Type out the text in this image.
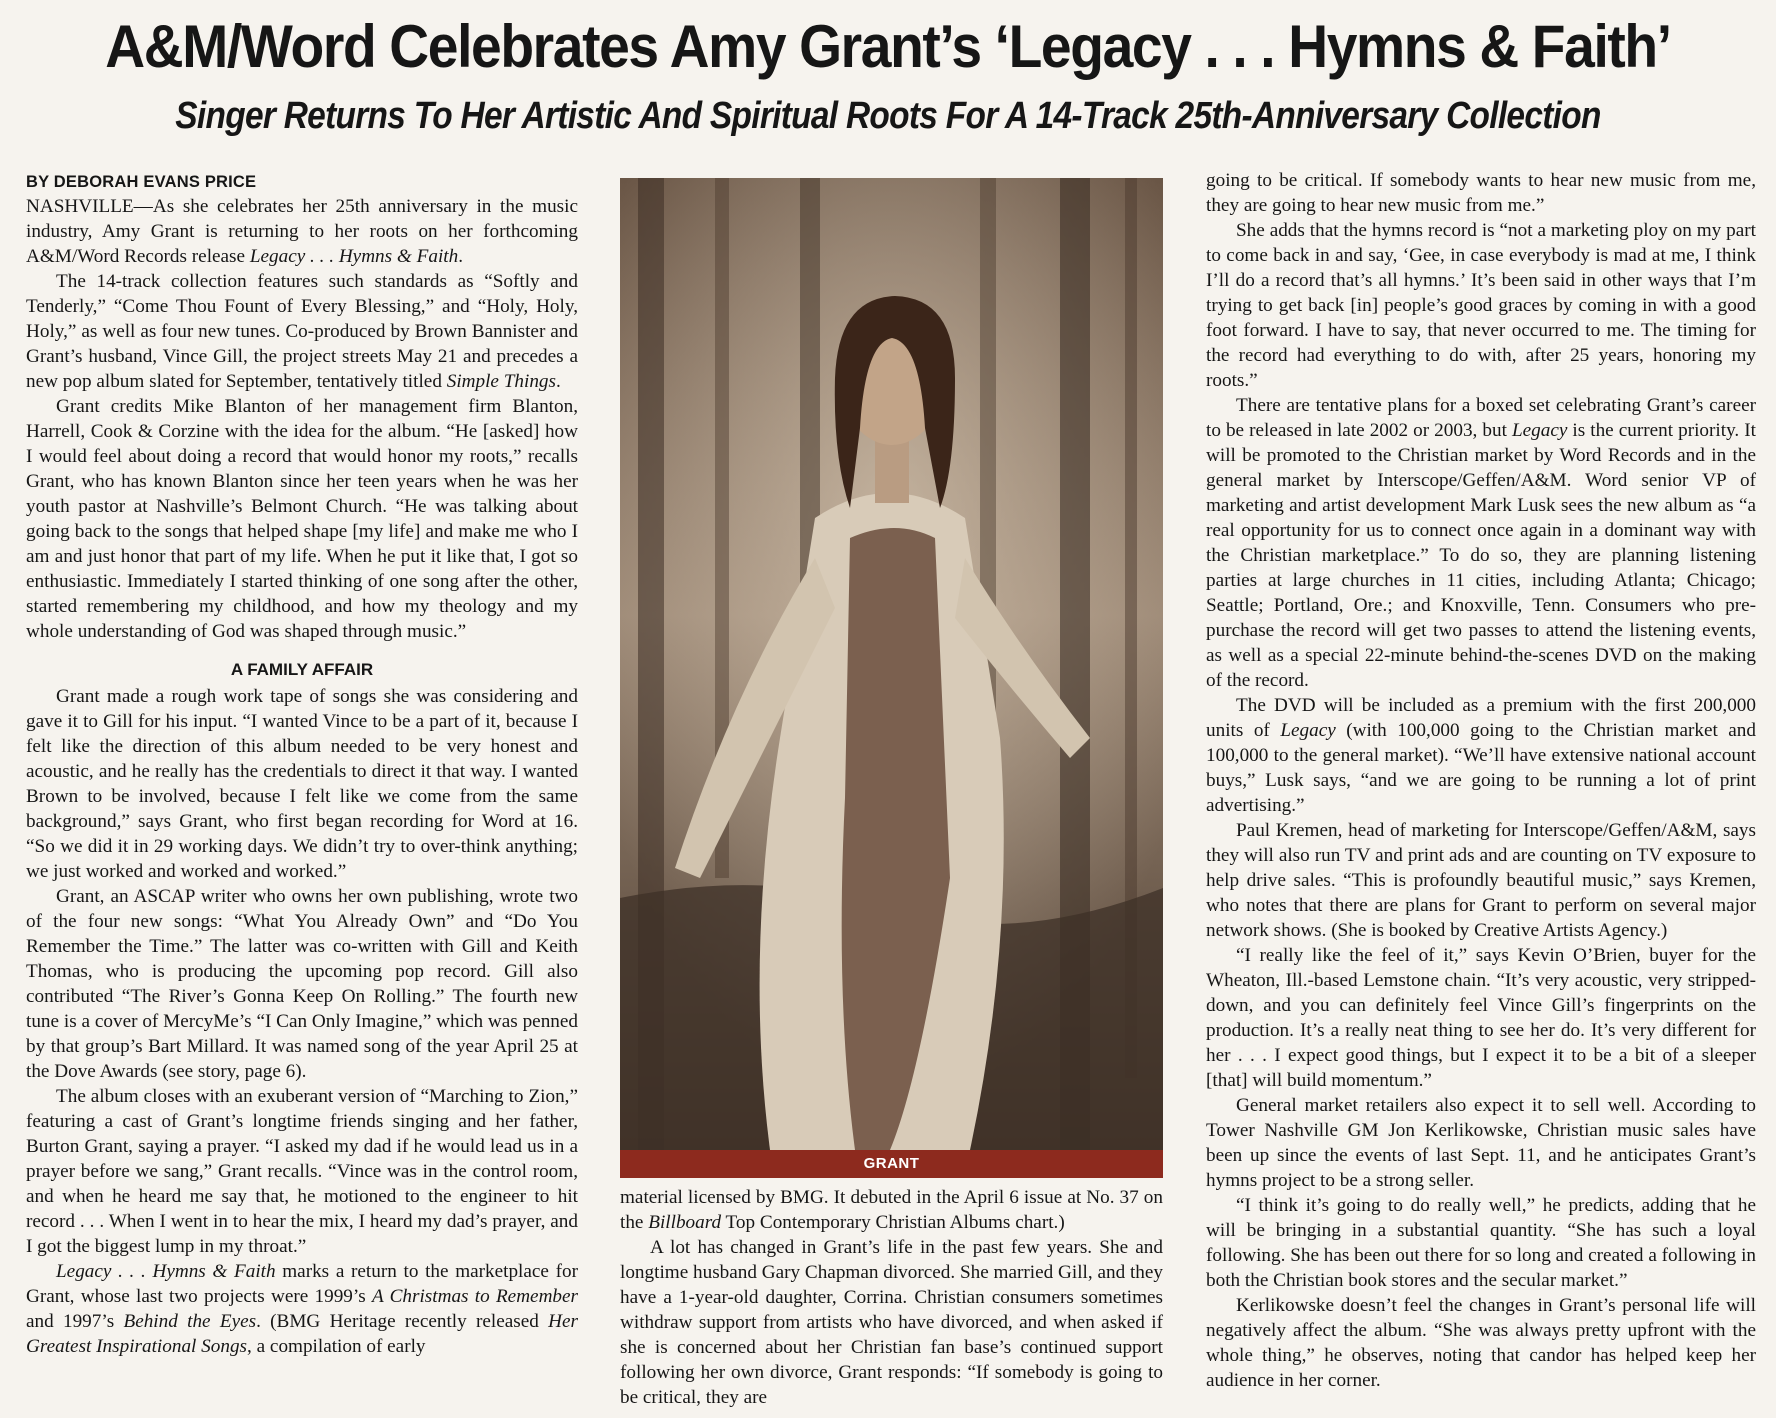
A&M/Word Celebrates Amy Grant’s ‘Legacy . . . Hymns & Faith’
Singer Returns To Her Artistic And Spiritual Roots For A 14-Track 25th-Anniversary Collection
BY DEBORAH EVANS PRICE

NASHVILLE—As she celebrates her 25th anniversary in the music industry, Amy Grant is returning to her roots on her forthcoming A&M/Word Records release Legacy . . . Hymns & Faith.

The 14-track collection features such standards as “Softly and Tenderly,” “Come Thou Fount of Every Blessing,” and “Holy, Holy, Holy,” as well as four new tunes. Co-produced by Brown Bannister and Grant’s husband, Vince Gill, the project streets May 21 and precedes a new pop album slated for September, tentatively titled Simple Things.

Grant credits Mike Blanton of her management firm Blanton, Harrell, Cook & Corzine with the idea for the album. “He [asked] how I would feel about doing a record that would honor my roots,” recalls Grant, who has known Blanton since her teen years when he was her youth pastor at Nashville’s Belmont Church. “He was talking about going back to the songs that helped shape [my life] and make me who I am and just honor that part of my life. When he put it like that, I got so enthusiastic. Immediately I started thinking of one song after the other, started remembering my childhood, and how my theology and my whole understanding of God was shaped through music.”

A FAMILY AFFAIR

Grant made a rough work tape of songs she was considering and gave it to Gill for his input. “I wanted Vince to be a part of it, because I felt like the direction of this album needed to be very honest and acoustic, and he really has the credentials to direct it that way. I wanted Brown to be involved, because I felt like we come from the same background,” says Grant, who first began recording for Word at 16. “So we did it in 29 working days. We didn’t try to over-think anything; we just worked and worked and worked.”

Grant, an ASCAP writer who owns her own publishing, wrote two of the four new songs: “What You Already Own” and “Do You Remember the Time.” The latter was co-written with Gill and Keith Thomas, who is producing the upcoming pop record. Gill also contributed “The River’s Gonna Keep On Rolling.” The fourth new tune is a cover of MercyMe’s “I Can Only Imagine,” which was penned by that group’s Bart Millard. It was named song of the year April 25 at the Dove Awards (see story, page 6).

The album closes with an exuberant version of “Marching to Zion,” featuring a cast of Grant’s longtime friends singing and her father, Burton Grant, saying a prayer. “I asked my dad if he would lead us in a prayer before we sang,” Grant recalls. “Vince was in the control room, and when he heard me say that, he motioned to the engineer to hit record . . . When I went in to hear the mix, I heard my dad’s prayer, and I got the biggest lump in my throat.”

Legacy . . . Hymns & Faith marks a return to the marketplace for Grant, whose last two projects were 1999’s A Christmas to Remember and 1997’s Behind the Eyes. (BMG Heritage recently released Her Greatest Inspirational Songs, a compilation of early

GRANT

material licensed by BMG. It debuted in the April 6 issue at No. 37 on the Billboard Top Contemporary Christian Albums chart.)

A lot has changed in Grant’s life in the past few years. She and longtime husband Gary Chapman divorced. She married Gill, and they have a 1-year-old daughter, Corrina. Christian consumers sometimes withdraw support from artists who have divorced, and when asked if she is concerned about her Christian fan base’s continued support following her own divorce, Grant responds: “If somebody is going to be critical, they are

going to be critical. If somebody wants to hear new music from me, they are going to hear new music from me.”

She adds that the hymns record is “not a marketing ploy on my part to come back in and say, ‘Gee, in case everybody is mad at me, I think I’ll do a record that’s all hymns.’ It’s been said in other ways that I’m trying to get back [in] people’s good graces by coming in with a good foot forward. I have to say, that never occurred to me. The timing for the record had everything to do with, after 25 years, honoring my roots.”

There are tentative plans for a boxed set celebrating Grant’s career to be released in late 2002 or 2003, but Legacy is the current priority. It will be promoted to the Christian market by Word Records and in the general market by Interscope/Geffen/A&M. Word senior VP of marketing and artist development Mark Lusk sees the new album as “a real opportunity for us to connect once again in a dominant way with the Christian marketplace.” To do so, they are planning listening parties at large churches in 11 cities, including Atlanta; Chicago; Seattle; Portland, Ore.; and Knoxville, Tenn. Consumers who pre-purchase the record will get two passes to attend the listening events, as well as a special 22-minute behind-the-scenes DVD on the making of the record.

The DVD will be included as a premium with the first 200,000 units of Legacy (with 100,000 going to the Christian market and 100,000 to the general market). “We’ll have extensive national account buys,” Lusk says, “and we are going to be running a lot of print advertising.”

Paul Kremen, head of marketing for Interscope/Geffen/A&M, says they will also run TV and print ads and are counting on TV exposure to help drive sales. “This is profoundly beautiful music,” says Kremen, who notes that there are plans for Grant to perform on several major network shows. (She is booked by Creative Artists Agency.)

“I really like the feel of it,” says Kevin O’Brien, buyer for the Wheaton, Ill.-based Lemstone chain. “It’s very acoustic, very stripped-down, and you can definitely feel Vince Gill’s fingerprints on the production. It’s a really neat thing to see her do. It’s very different for her . . . I expect good things, but I expect it to be a bit of a sleeper [that] will build momentum.”

General market retailers also expect it to sell well. According to Tower Nashville GM Jon Kerlikowske, Christian music sales have been up since the events of last Sept. 11, and he anticipates Grant’s hymns project to be a strong seller.

“I think it’s going to do really well,” he predicts, adding that he will be bringing in a substantial quantity. “She has such a loyal following. She has been out there for so long and created a following in both the Christian book stores and the secular market.”

Kerlikowske doesn’t feel the changes in Grant’s personal life will negatively affect the album. “She was always pretty upfront with the whole thing,” he observes, noting that candor has helped keep her audience in her corner.
